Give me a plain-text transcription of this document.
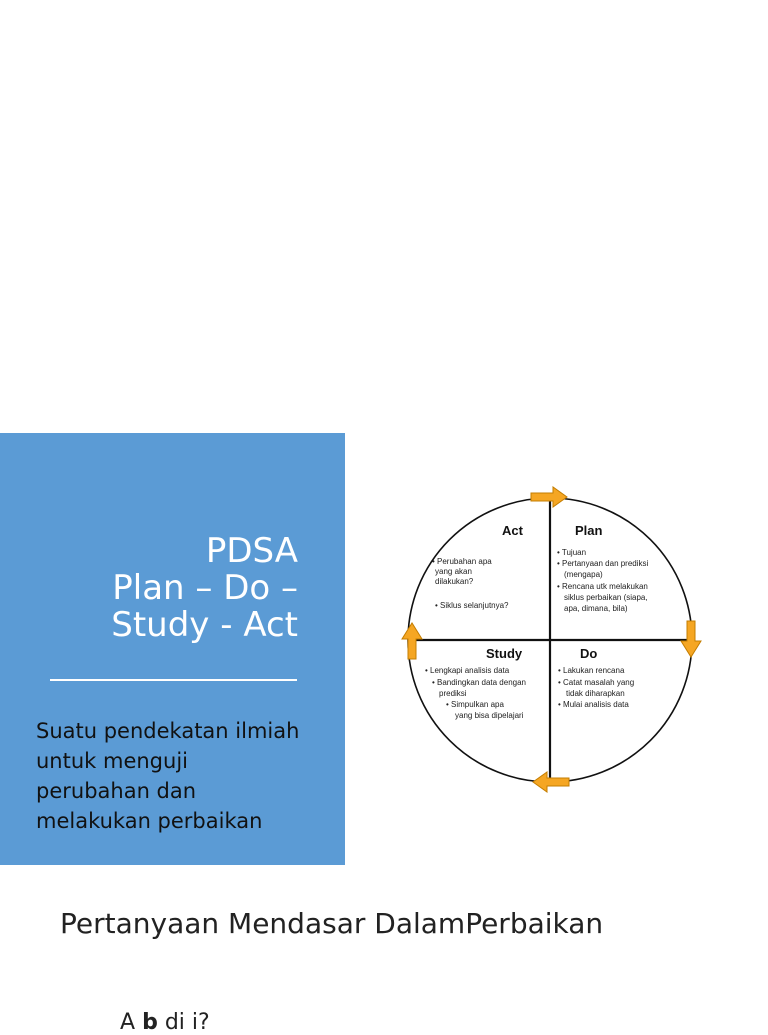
PDSA
Plan – Do –
Study - Act
Suatu pendekatan ilmiah
untuk menguji
perubahan dan
melakukan perbaikan
Act
• Perubahan apa
yang akan
dilakukan?
• Siklus selanjutnya?
Plan
• Tujuan
• Pertanyaan dan prediksi
(mengapa)
• Rencana utk melakukan
siklus perbaikan (siapa,
apa, dimana, bila)
Study
• Lengkapi analisis data
• Bandingkan data dengan
prediksi
• Simpulkan apa
yang bisa dipelajari
Do
• Lakukan rencana
• Catat masalah yang
tidak diharapkan
• Mulai analisis data
Pertanyaan Mendasar DalamPerbaikan
A b di i?
